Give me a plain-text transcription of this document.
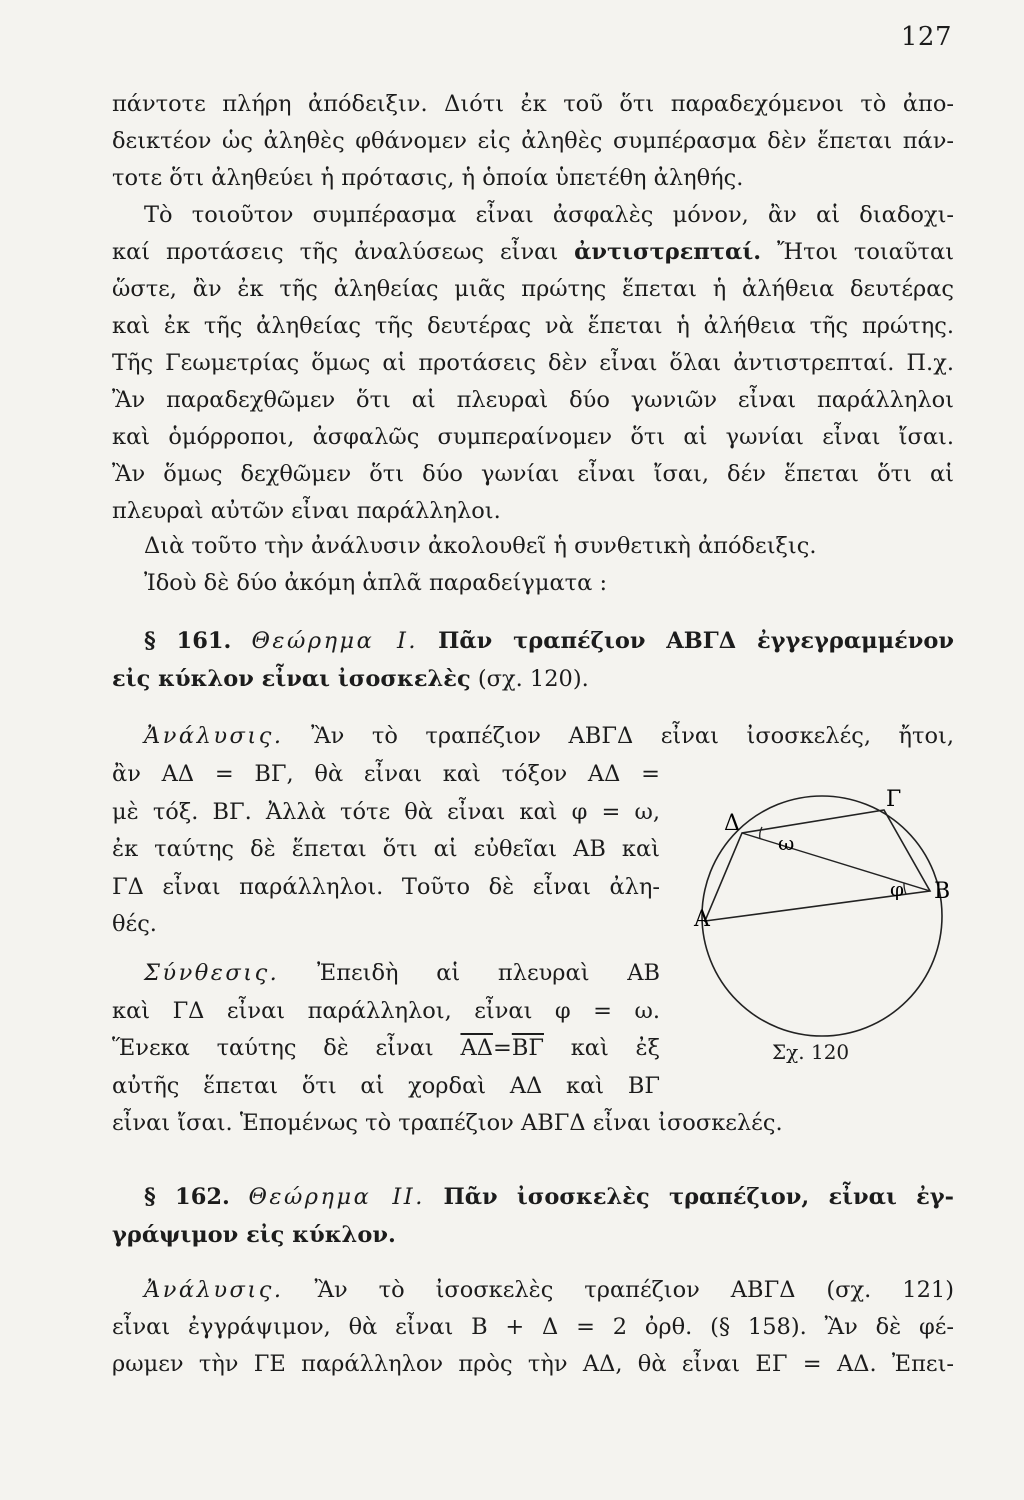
127
πάντοτε πλήρη ἀπόδειξιν. Διότι ἐκ τοῦ ὅτι παραδεχόμενοι τὸ ἀπο-
δεικτέον ὡς ἀληθὲς φθάνομεν εἰς ἀληθὲς συμπέρασμα δὲν ἕπεται πάν-
τοτε ὅτι ἀληθεύει ἡ πρότασις, ἡ ὁποία ὑπετέθη ἀληθής.
Τὸ τοιοῦτον συμπέρασμα εἶναι ἀσφαλὲς μόνον, ἂν αἱ διαδοχι-
καί προτάσεις τῆς ἀναλύσεως εἶναι ἀντιστρεπταί. Ἤτοι τοιαῦται
ὥστε, ἂν ἐκ τῆς ἀληθείας μιᾶς πρώτης ἕπεται ἡ ἀλήθεια δευτέρας
καὶ ἐκ τῆς ἀληθείας τῆς δευτέρας νὰ ἕπεται ἡ ἀλήθεια τῆς πρώτης.
Τῆς Γεωμετρίας ὅμως αἱ προτάσεις δὲν εἶναι ὅλαι ἀντιστρεπταί. Π.χ.
Ἂν παραδεχθῶμεν ὅτι αἱ πλευραὶ δύο γωνιῶν εἶναι παράλληλοι
καὶ ὁμόρροποι, ἀσφαλῶς συμπεραίνομεν ὅτι αἱ γωνίαι εἶναι ἴσαι.
Ἂν ὅμως δεχθῶμεν ὅτι δύο γωνίαι εἶναι ἴσαι, δέν ἕπεται ὅτι αἱ
πλευραὶ αὐτῶν εἶναι παράλληλοι.
Διὰ τοῦτο τὴν ἀνάλυσιν ἀκολουθεῖ ἡ συνθετικὴ ἀπόδειξις.
Ἰδοὺ δὲ δύο ἀκόμη ἁπλᾶ παραδείγματα :
§ 161. Θεώρημα Ι. Πᾶν τραπέζιον ΑΒΓΔ ἐγγεγραμμένον
εἰς κύκλον εἶναι ἰσοσκελὲς (σχ. 120).
Ἀνάλυσις. Ἂν τὸ τραπέζιον ΑΒΓΔ εἶναι ἰσοσκελές, ἤτοι,
ἂν ΑΔ = ΒΓ, θὰ εἶναι καὶ τόξον ΑΔ =
μὲ τόξ. ΒΓ. Ἀλλὰ τότε θὰ εἶναι καὶ φ = ω,
ἐκ ταύτης δὲ ἕπεται ὅτι αἱ εὐθεῖαι ΑΒ καὶ
ΓΔ εἶναι παράλληλοι. Τοῦτο δὲ εἶναι ἀλη-
θές.
Σύνθεσις. Ἐπειδὴ αἱ πλευραὶ ΑΒ
καὶ ΓΔ εἶναι παράλληλοι, εἶναι φ = ω.
Ἕνεκα ταύτης δὲ εἶναι $\overline{A\Delta}=\overline{B\Gamma}$ καὶ ἐξ
αὐτῆς ἕπεται ὅτι αἱ χορδαὶ ΑΔ καὶ ΒΓ
εἶναι ἴσαι. Ἑπομένως τὸ τραπέζιον ΑΒΓΔ εἶναι ἰσοσκελές.
Α
Β
Γ
Δ
ω
φ
Σχ. 120
§ 162. Θεώρημα ΙΙ. Πᾶν ἰσοσκελὲς τραπέζιον, εἶναι ἐγ-
γράψιμον εἰς κύκλον.
Ἀνάλυσις. Ἂν τὸ ἰσοσκελὲς τραπέζιον ΑΒΓΔ (σχ. 121)
εἶναι ἐγγράψιμον, θὰ εἶναι Β + Δ = 2 ὀρθ. (§ 158). Ἂν δὲ φέ-
ρωμεν τὴν ΓΕ παράλληλον πρὸς τὴν ΑΔ, θὰ εἶναι ΕΓ = ΑΔ. Ἐπει-
